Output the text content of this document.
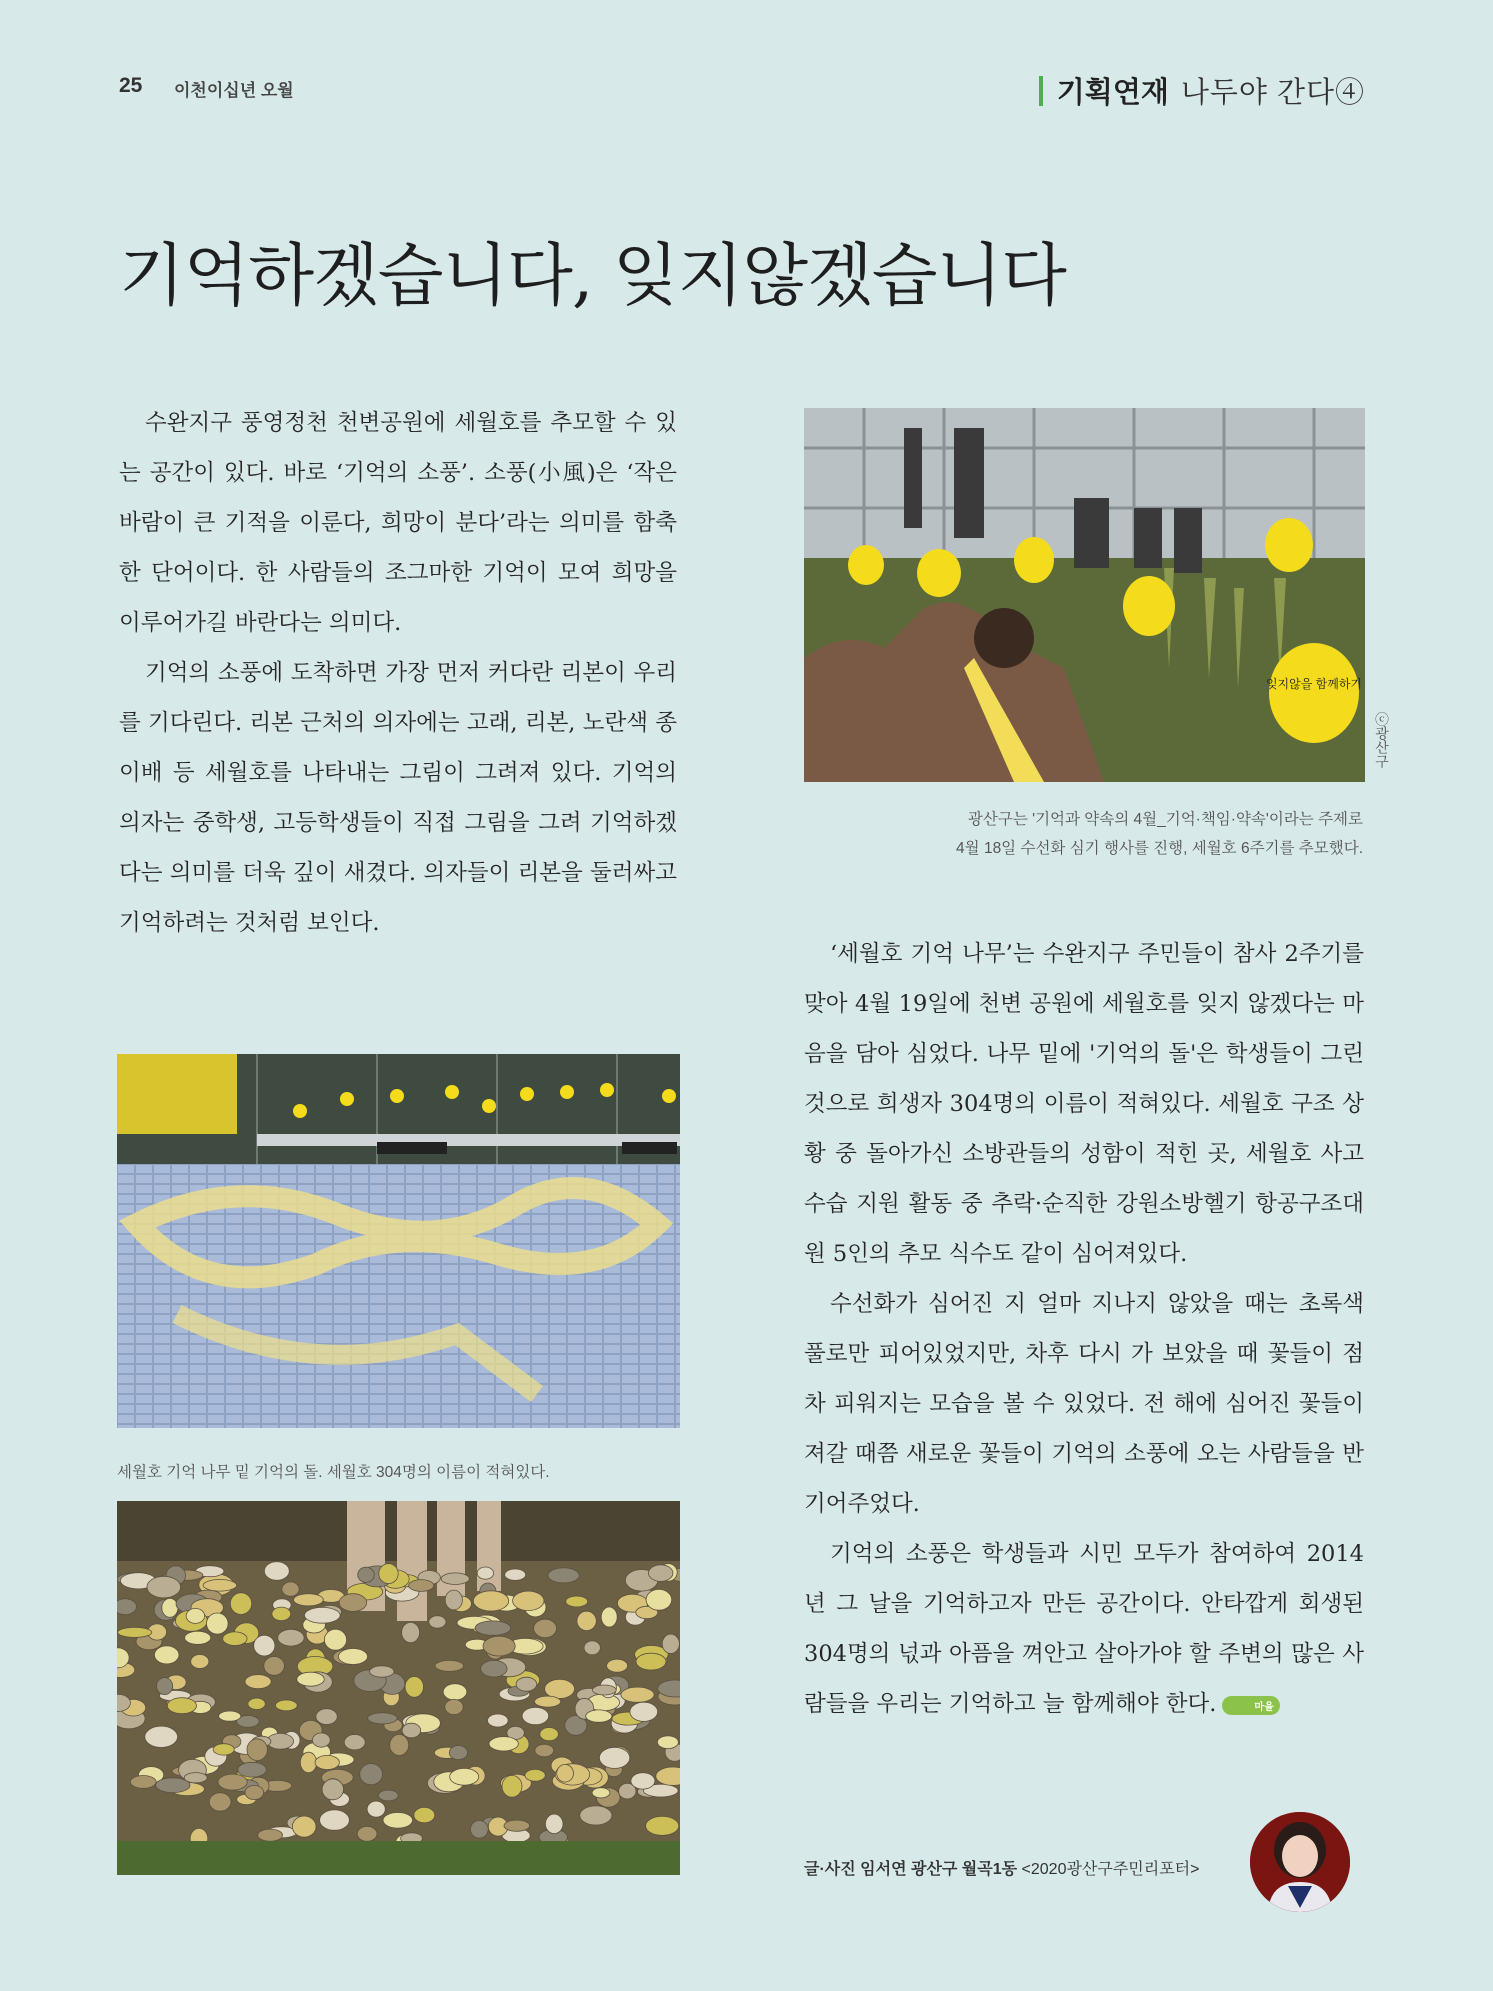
25 이천이십년 오월	기획연재 나두야 간다④
기억하겠습니다, 잊지않겠습니다

수완지구 풍영정천 천변공원에 세월호를 추모할 수 있는 공간이 있다. 바로 ‘기억의 소풍’. 소풍(小風)은 ‘작은 바람이 큰 기적을 이룬다, 희망이 분다’라는 의미를 함축한 단어이다. 한 사람들의 조그마한 기억이 모여 희망을 이루어가길 바란다는 의미다.

기억의 소풍에 도착하면 가장 먼저 커다란 리본이 우리를 기다린다. 리본 근처의 의자에는 고래, 리본, 노란색 종이배 등 세월호를 나타내는 그림이 그려져 있다. 기억의 의자는 중학생, 고등학생들이 직접 그림을 그려 기억하겠다는 의미를 더욱 깊이 새겼다. 의자들이 리본을 둘러싸고 기억하려는 것처럼 보인다.

잊지않을 함께하기
ⓒ광산구
광산구는 '기억과 약속의 4월_기억·책임·약속'이라는 주제로
4월 18일 수선화 심기 행사를 진행, 세월호 6주기를 추모했다.

‘세월호 기억 나무’는 수완지구 주민들이 참사 2주기를 맞아 4월 19일에 천변 공원에 세월호를 잊지 않겠다는 마음을 담아 심었다. 나무 밑에 '기억의 돌'은 학생들이 그린 것으로 희생자 304명의 이름이 적혀있다. 세월호 구조 상황 중 돌아가신 소방관들의 성함이 적힌 곳, 세월호 사고 수습 지원 활동 중 추락·순직한 강원소방헬기 항공구조대원 5인의 추모 식수도 같이 심어져있다.

수선화가 심어진 지 얼마 지나지 않았을 때는 초록색 풀로만 피어있었지만, 차후 다시 가 보았을 때 꽃들이 점차 피워지는 모습을 볼 수 있었다. 전 해에 심어진 꽃들이 져갈 때쯤 새로운 꽃들이 기억의 소풍에 오는 사람들을 반기어주었다.

기억의 소풍은 학생들과 시민 모두가 참여하여 2014년 그 날을 기억하고자 만든 공간이다. 안타깝게 회생된 304명의 넋과 아픔을 껴안고 살아가야 할 주변의 많은 사람들을 우리는 기억하고 늘 함께해야 한다.	마을

세월호 기억 나무 밑 기억의 돌. 세월호 304명의 이름이 적혀있다.
글·사진 임서연 광산구 월곡1동 <2020광산구주민리포터>
